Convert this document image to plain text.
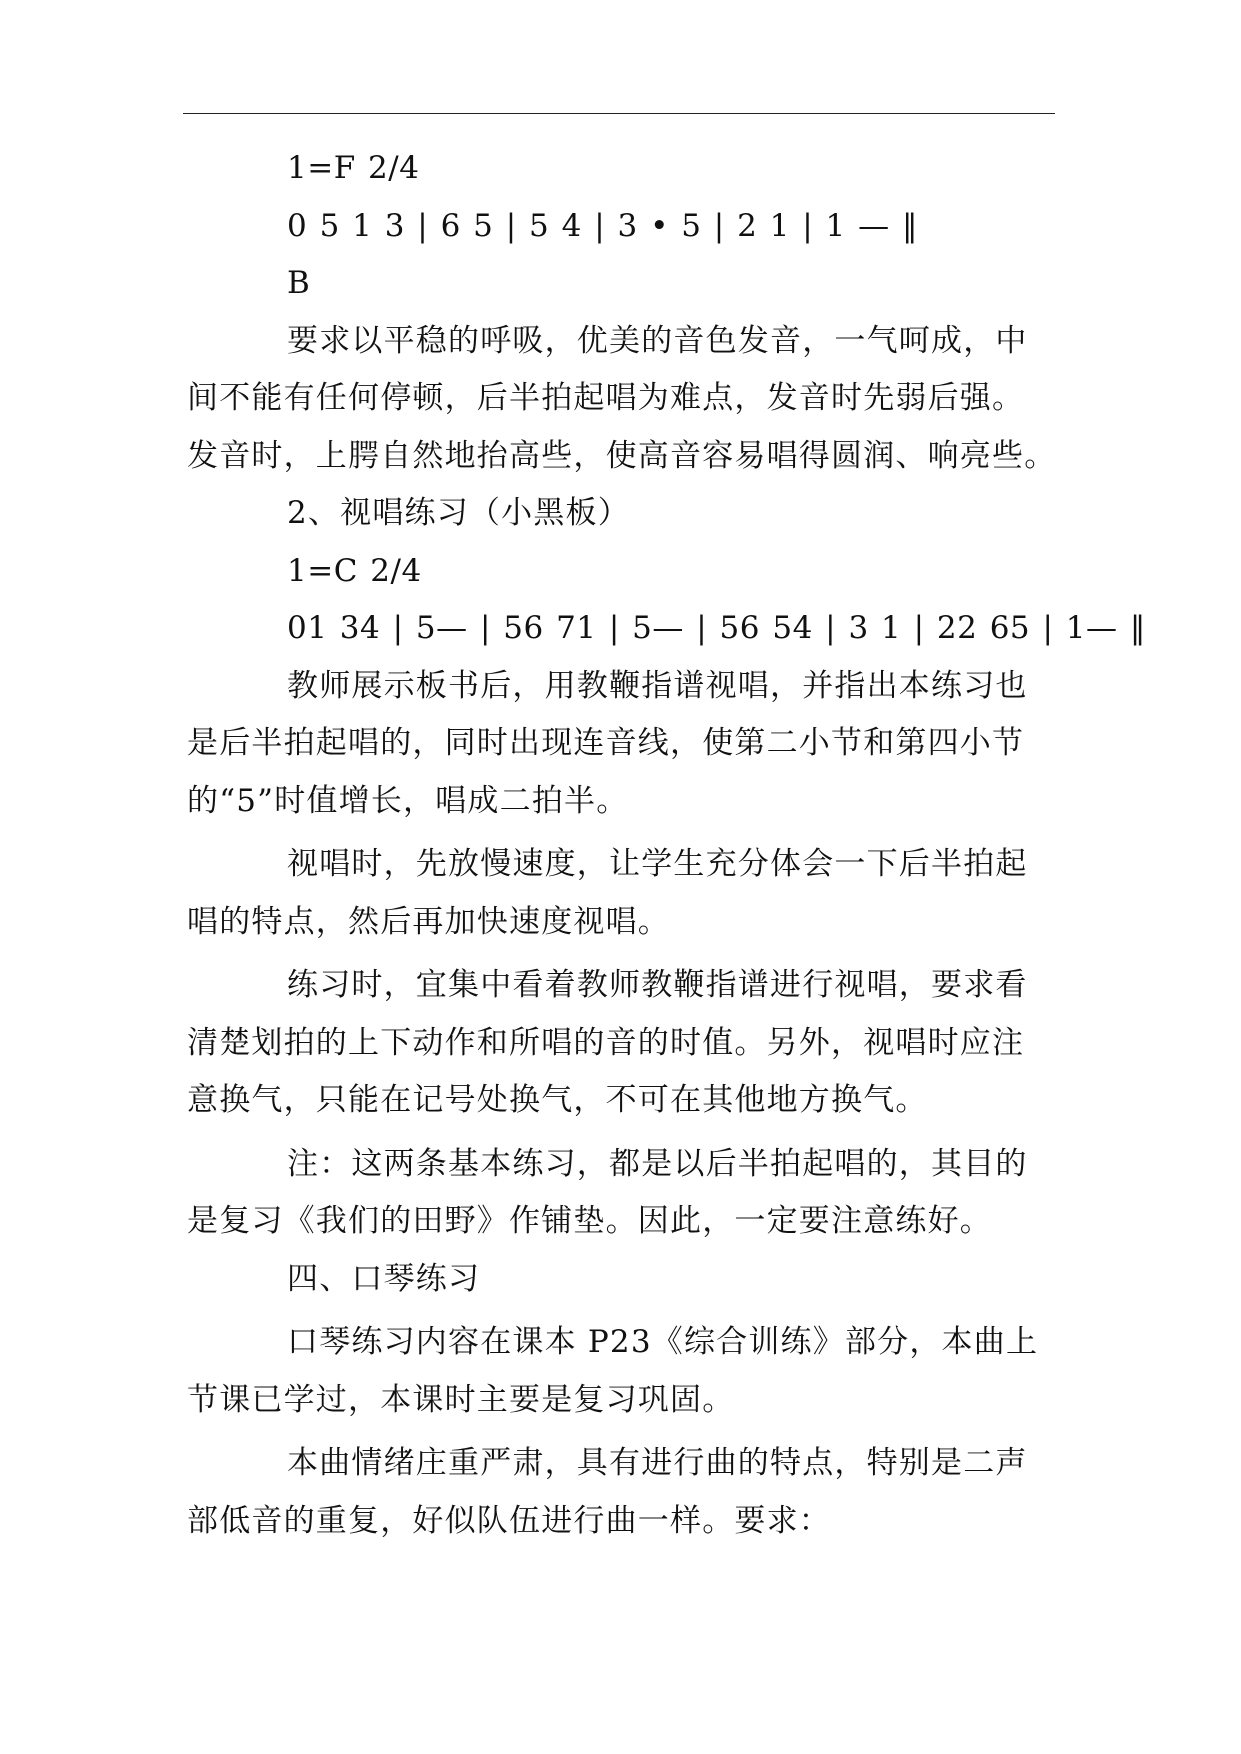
1=F 2/4
0 5 1 3 | 6 5 | 5 4 | 3 • 5 | 2 1 | 1 — ‖
B
要求以平稳的呼吸，优美的音色发音，一气呵成，中
间不能有任何停顿，后半拍起唱为难点，发音时先弱后强。
发音时，上腭自然地抬高些，使高音容易唱得圆润、响亮些。
2、视唱练习（小黑板）
1=C 2/4
01 34 | 5— | 56 71 | 5— | 56 54 | 3 1 | 22 65 | 1— ‖
教师展示板书后，用教鞭指谱视唱，并指出本练习也
是后半拍起唱的，同时出现连音线，使第二小节和第四小节
的“5”时值增长，唱成二拍半。
视唱时，先放慢速度，让学生充分体会一下后半拍起
唱的特点，然后再加快速度视唱。
练习时，宜集中看着教师教鞭指谱进行视唱，要求看
清楚划拍的上下动作和所唱的音的时值。另外，视唱时应注
意换气，只能在记号处换气，不可在其他地方换气。
注：这两条基本练习，都是以后半拍起唱的，其目的
是复习《我们的田野》作铺垫。因此，一定要注意练好。
四、口琴练习
口琴练习内容在课本 P23《综合训练》部分，本曲上
节课已学过，本课时主要是复习巩固。
本曲情绪庄重严肃，具有进行曲的特点，特别是二声
部低音的重复，好似队伍进行曲一样。要求：
